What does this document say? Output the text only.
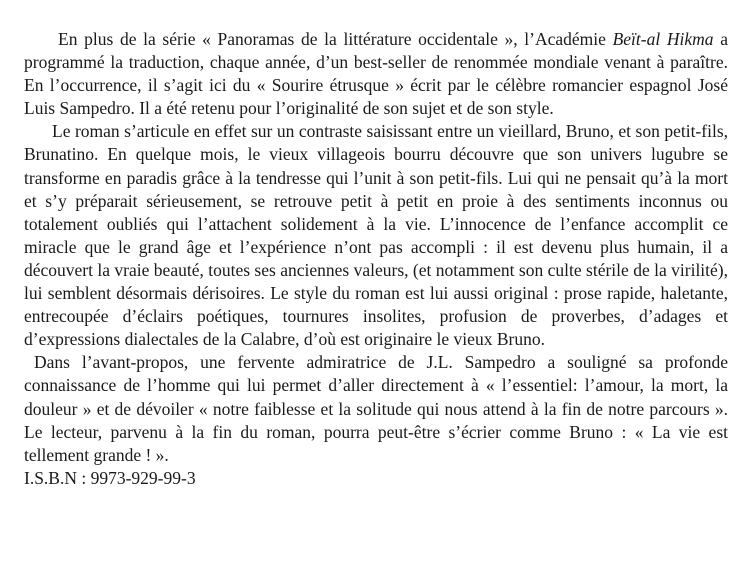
En plus de la série « Panoramas de la littérature occidentale », l’Académie Beït-al Hikma a programmé la traduction, chaque année, d’un best-seller de renommée mondiale venant à paraître. En l’occurrence, il s’agit ici du « Sourire étrusque » écrit par le célèbre romancier espagnol José Luis Sampedro. Il a été retenu pour l’originalité de son sujet et de son style.

Le roman s’articule en effet sur un contraste saisissant entre un vieillard, Bruno, et son petit-fils, Brunatino. En quelque mois, le vieux villageois bourru découvre que son univers lugubre se transforme en paradis grâce à la tendresse qui l’unit à son petit-fils. Lui qui ne pensait qu’à la mort et s’y préparait sérieusement, se retrouve petit à petit en proie à des sentiments inconnus ou totalement oubliés qui l’attachent solidement à la vie. L’innocence de l’enfance accomplit ce miracle que le grand âge et l’expérience n’ont pas accompli : il est devenu plus humain, il a découvert la vraie beauté, toutes ses anciennes valeurs, (et notamment son culte stérile de la virilité), lui semblent désormais dérisoires. Le style du roman est lui aussi original : prose rapide, haletante, entrecoupée d’éclairs poétiques, tournures insolites, profusion de proverbes, d’adages et d’expressions dialectales de la Calabre, d’où est originaire le vieux Bruno.

Dans l’avant-propos, une fervente admiratrice de J.L. Sampedro a souligné sa profonde connaissance de l’homme qui lui permet d’aller directement à « l’essentiel: l’amour, la mort, la douleur » et de dévoiler « notre faiblesse et la solitude qui nous attend à la fin de notre parcours ». Le lecteur, parvenu à la fin du roman, pourra peut-être s’écrier comme Bruno : « La vie est tellement grande ! ».

I.S.B.N : 9973-929-99-3
